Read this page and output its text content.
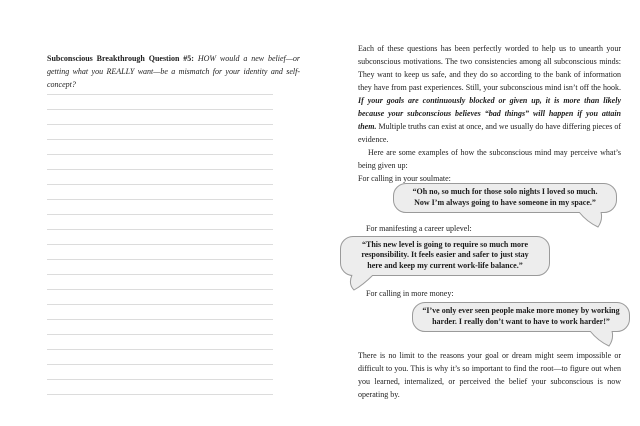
Subconscious Breakthrough Question #5: HOW would a new belief—or getting what you REALLY want—be a mismatch for your identity and self-concept?

Each of these questions has been perfectly worded to help us to unearth your subconscious motivations. The two consistencies among all subconscious minds: They want to keep us safe, and they do so according to the bank of information they have from past experiences. Still, your subconscious mind isn’t off the hook. If your goals are continuously blocked or given up, it is more than likely because your subconscious believes “bad things” will happen if you attain them. Multiple truths can exist at once, and we usually do have differing pieces of evidence.

Here are some examples of how the subconscious mind may perceive what’s being given up:

For calling in your soulmate:

“Oh no, so much for those solo nights I loved so much.
Now I’m always going to have someone in my space.”

For manifesting a career uplevel:

“This new level is going to require so much more
responsibility. It feels easier and safer to just stay
here and keep my current work-life balance.”

For calling in more money:

“I’ve only ever seen people make more money by working
harder. I really don’t want to have to work harder!”

There is no limit to the reasons your goal or dream might seem impossible or difficult to you. This is why it’s so important to find the root—to figure out when you learned, internalized, or perceived the belief your subconscious is now operating by.
